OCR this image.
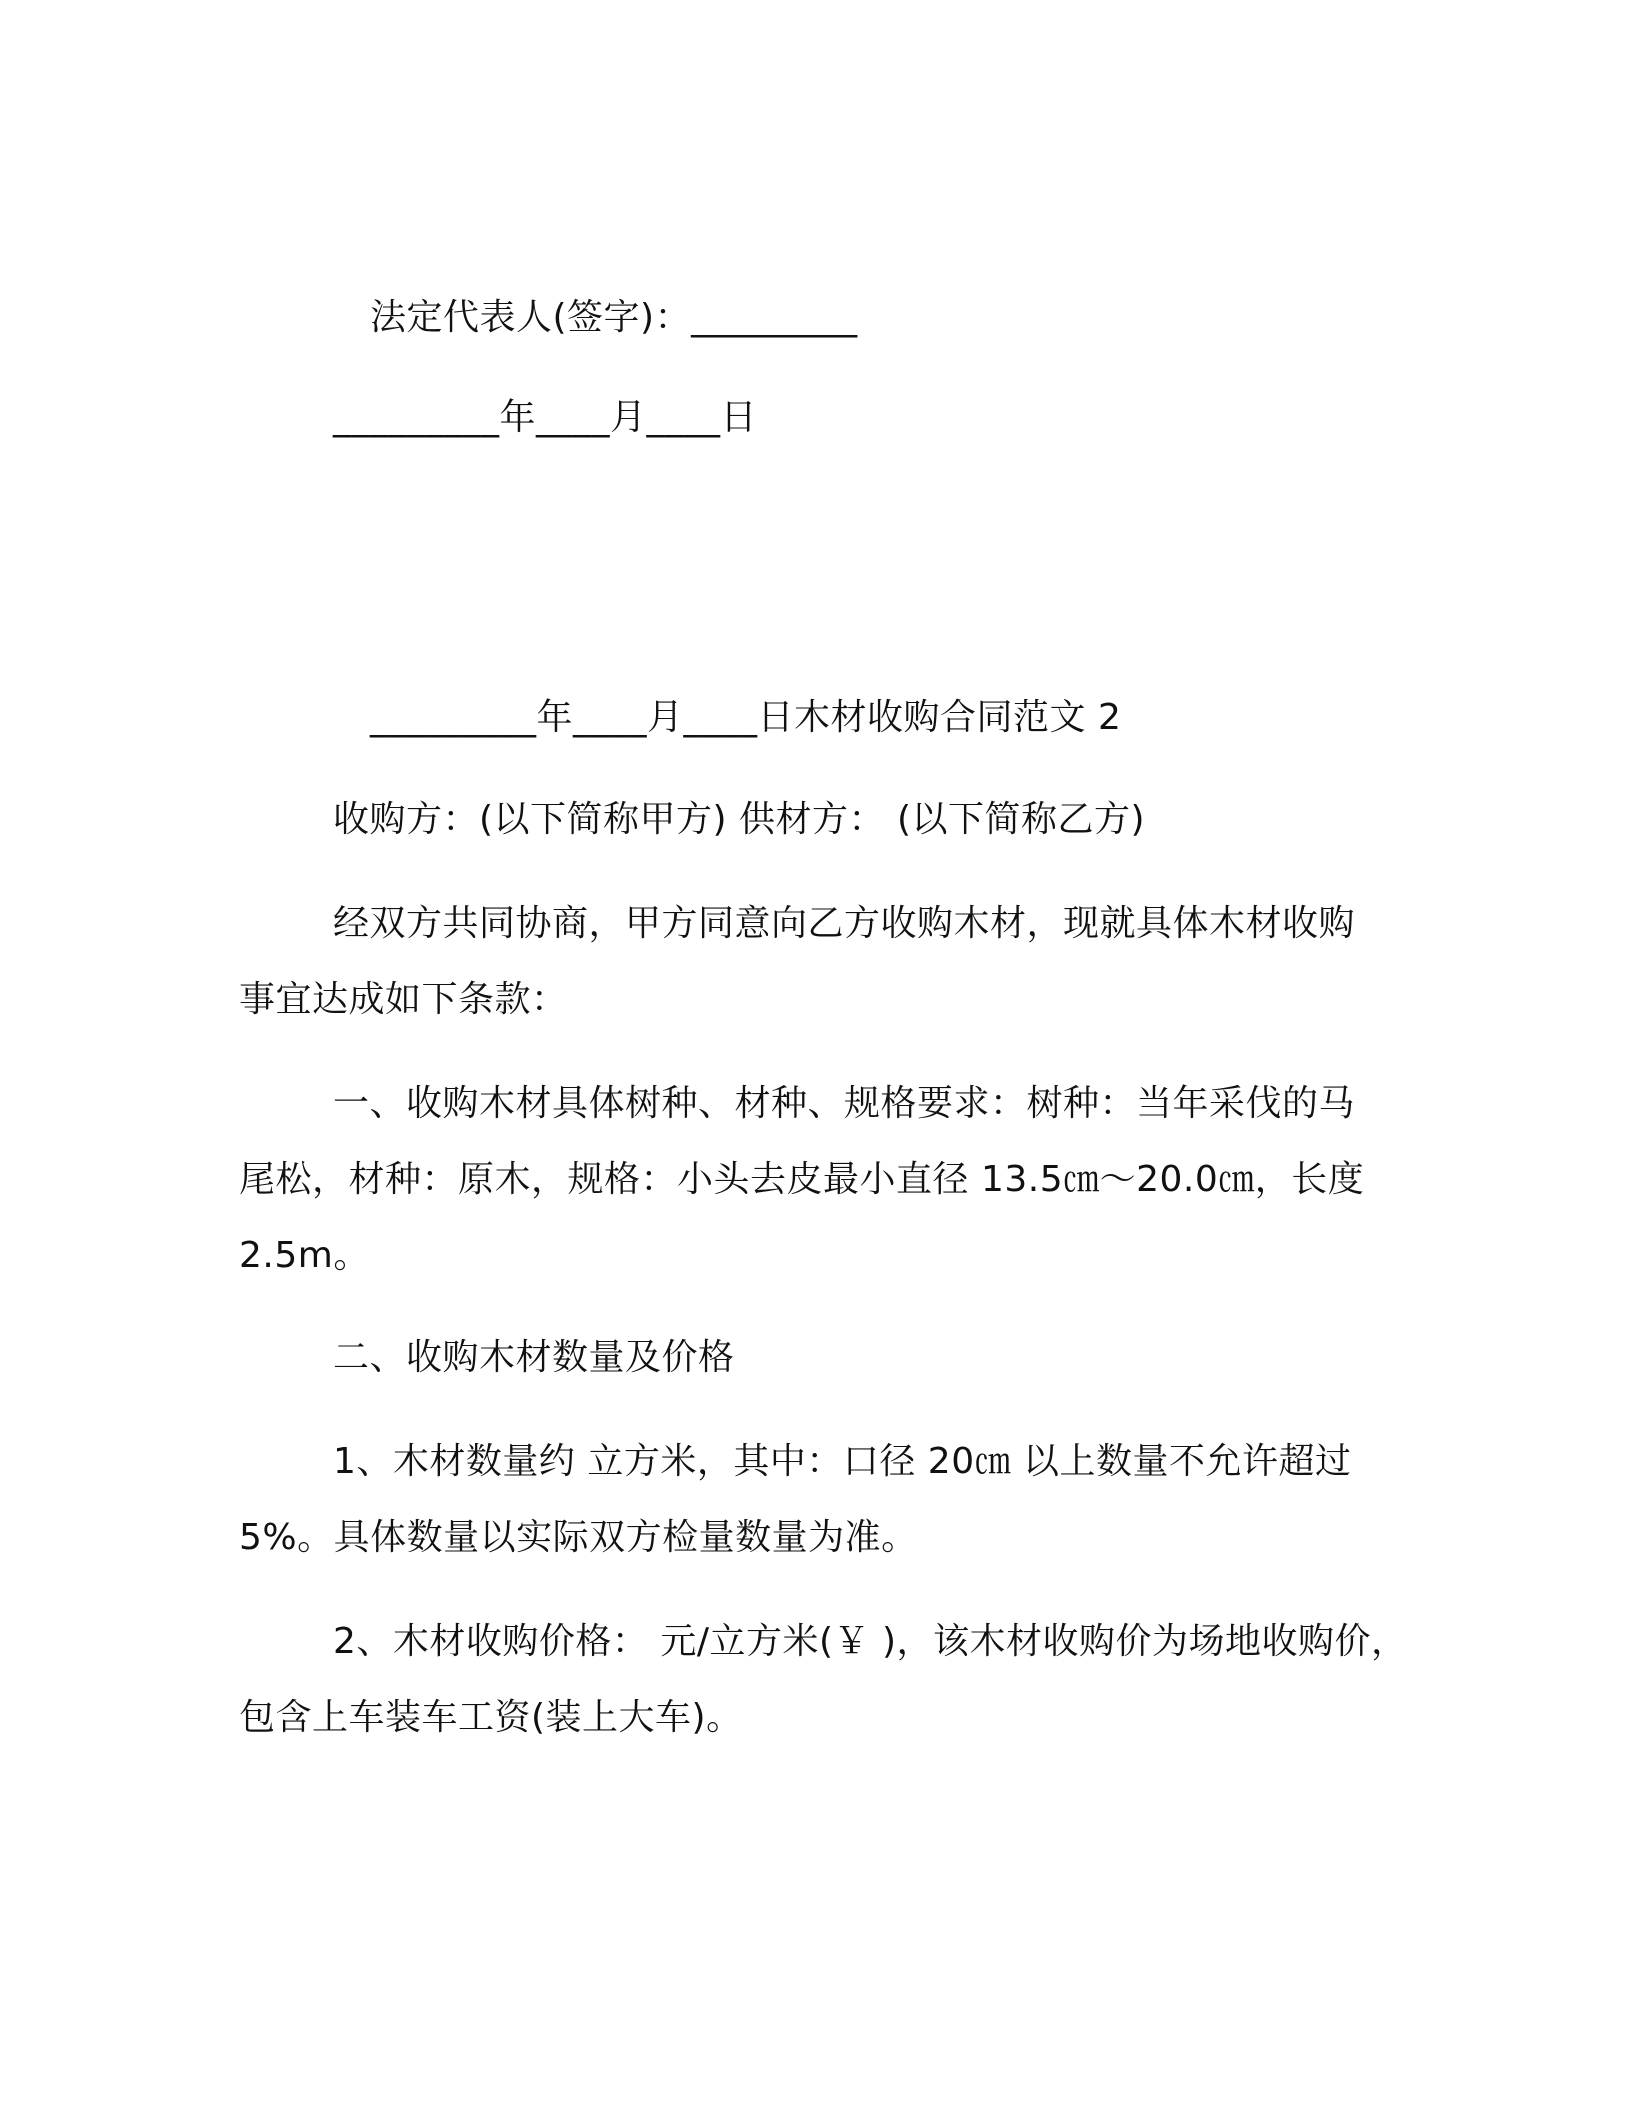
法定代表人(签字)：_________
_________年____月____日
_________年____月____日木材收购合同范文 2
收购方：(以下简称甲方) 供材方： (以下简称乙方)
经双方共同协商，甲方同意向乙方收购木材，现就具体木材收购
事宜达成如下条款：
一、收购木材具体树种、材种、规格要求：树种：当年采伐的马
尾松，材种：原木，规格：小头去皮最小直径 13.5㎝～20.0㎝，长度
2.5m。
二、收购木材数量及价格
1、木材数量约 立方米，其中：口径 20㎝ 以上数量不允许超过
5%。具体数量以实际双方检量数量为准。
2、木材收购价格： 元/立方米(￥ )，该木材收购价为场地收购价，
包含上车装车工资(装上大车)。
